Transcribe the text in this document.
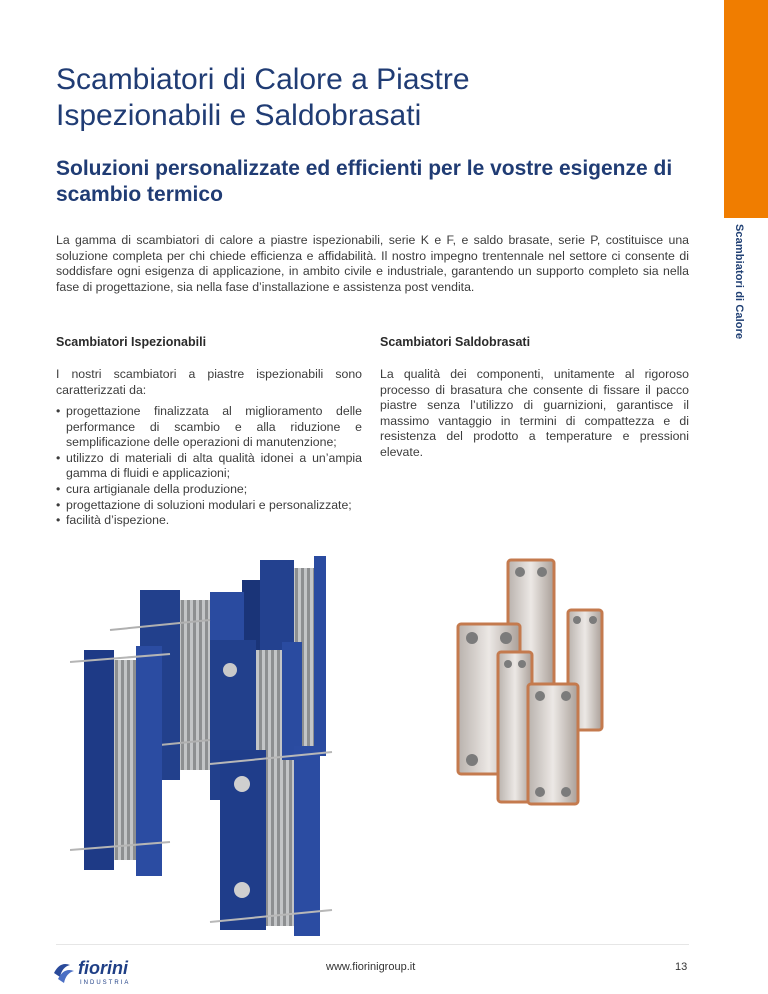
Scambiatori di Calore
Scambiatori di Calore a Piastre
Ispezionabili e Saldobrasati
Soluzioni personalizzate ed efficienti per le vostre esigenze di
scambio termico

La gamma di scambiatori di calore a piastre ispezionabili, serie K e F, e saldo brasate, serie P, costituisce una soluzione completa per chi chiede efficienza e affidabilità. Il nostro impegno trentennale nel settore ci consente di soddisfare ogni esigenza di applicazione, in ambito civile e industriale, garantendo un supporto completo sia nella fase di progettazione, sia nella fase d’installazione e assistenza post vendita.

Scambiatori Ispezionabili	Scambiatori Saldobrasati

I nostri scambiatori a piastre ispezionabili sono caratterizzati da:

• progettazione finalizzata al miglioramento delle performance di scambio e alla riduzione e semplificazione delle operazioni di manutenzione;
• utilizzo di materiali di alta qualità idonei a un’ampia gamma di fluidi e applicazioni;
• cura artigianale della produzione;
• progettazione di soluzioni modulari e personalizzate;
• facilità d’ispezione.

La qualità dei componenti, unitamente al rigoroso processo di brasatura che consente di fissare il pacco piastre senza l’utilizzo di guarnizioni, garantisce il massimo vantaggio in termini di compattezza e di resistenza del prodotto a temperature e pressioni elevate.

fiorini
INDUSTRIA
www.fiorinigroup.it	13
